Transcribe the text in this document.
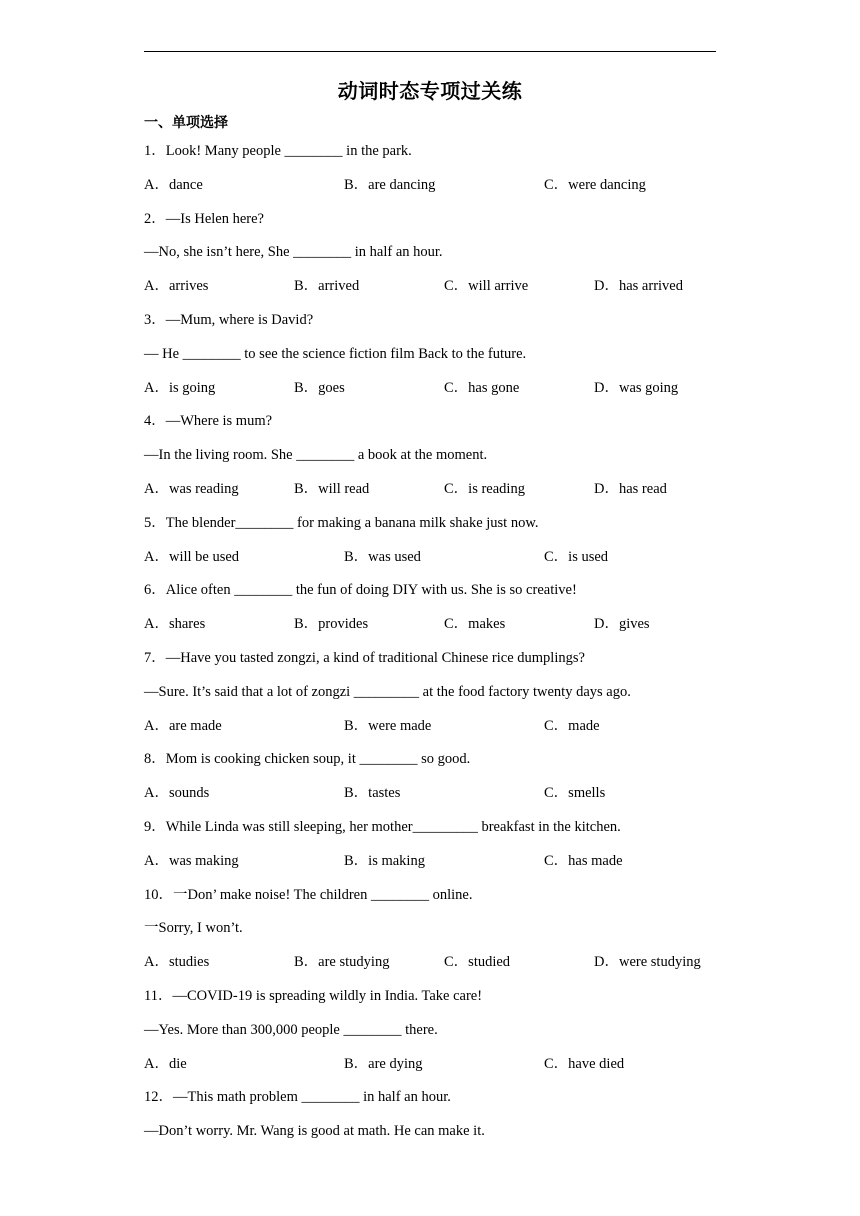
动词时态专项过关练
一、单项选择
1．Look! Many people ________ in the park.
A．dance	B．are dancing	C．were dancing
2．—Is Helen here?
—No, she isn’t here, She ________ in half an hour.
A．arrives	B．arrived	C．will arrive	D．has arrived
3．—Mum, where is David?
— He ________ to see the science fiction film Back to the future.
A．is going	B．goes	C．has gone	D．was going
4．—Where is mum?
—In the living room. She ________ a book at the moment.
A．was reading	B．will read	C．is reading	D．has read
5．The blender________ for making a banana milk shake just now.
A．will be used	B．was used	C．is used
6．Alice often ________ the fun of doing DIY with us. She is so creative!
A．shares	B．provides	C．makes	D．gives
7．—Have you tasted zongzi, a kind of traditional Chinese rice dumplings?
—Sure. It’s said that a lot of zongzi _________ at the food factory twenty days ago.
A．are made	B．were made	C．made
8．Mom is cooking chicken soup, it ________ so good.
A．sounds	B．tastes	C．smells
9．While Linda was still sleeping, her mother_________ breakfast in the kitchen.
A．was making	B．is making	C．has made
10．一Don’ make noise! The children ________ online.
一Sorry, I won’t.
A．studies	B．are studying	C．studied	D．were studying
11．—COVID-19 is spreading wildly in India. Take care!
—Yes. More than 300,000 people ________ there.
A．die	B．are dying	C．have died
12．—This math problem ________ in half an hour.
—Don’t worry. Mr. Wang is good at math. He can make it.
